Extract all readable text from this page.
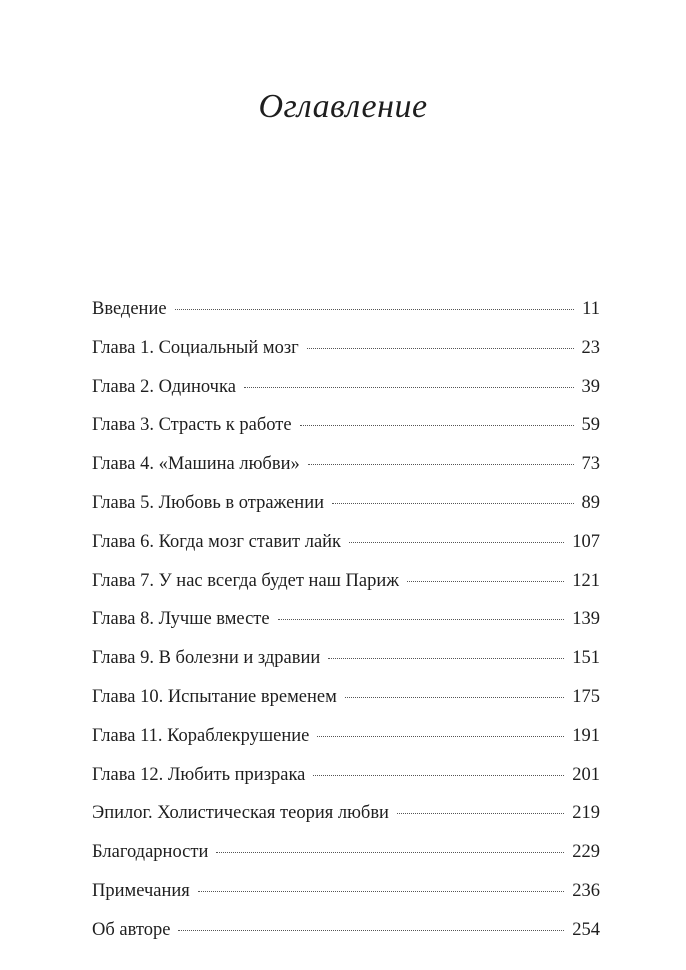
Оглавление
Введение	11
Глава 1. Социальный мозг	23
Глава 2. Одиночка	39
Глава 3. Страсть к работе	59
Глава 4. «Машина любви»	73
Глава 5. Любовь в отражении	89
Глава 6. Когда мозг ставит лайк	107
Глава 7. У нас всегда будет наш Париж	121
Глава 8. Лучше вместе	139
Глава 9. В болезни и здравии	151
Глава 10. Испытание временем	175
Глава 11. Кораблекрушение	191
Глава 12. Любить призрака	201
Эпилог. Холистическая теория любви	219
Благодарности	229
Примечания	236
Об авторе	254
